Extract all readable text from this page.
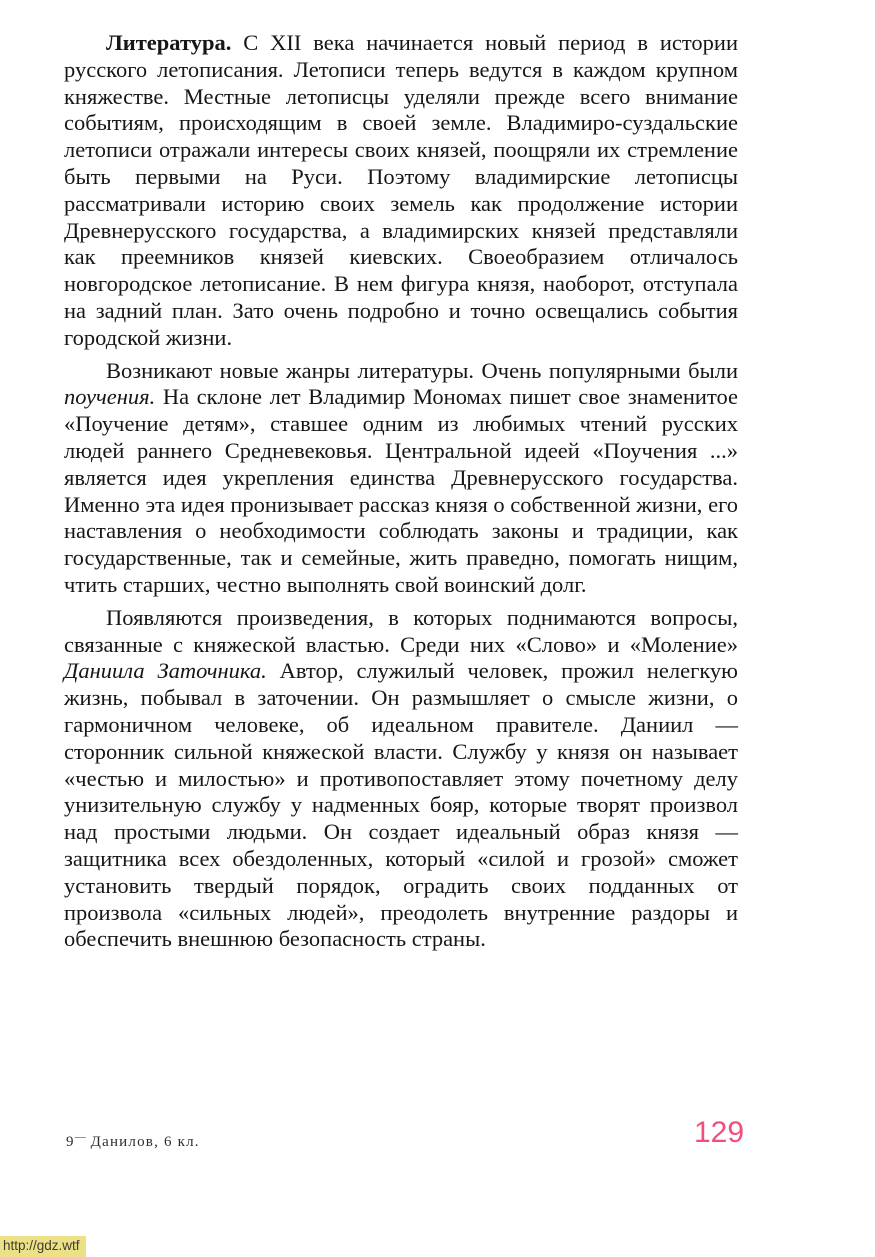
Литература. С XII века начинается новый период в истории русского летописания. Летописи теперь ведутся в каждом крупном княжестве. Местные летописцы уделяли прежде всего внимание событиям, происходящим в своей земле. Владимиро-суздальские летописи отражали интересы своих князей, поощряли их стремление быть первыми на Руси. Поэтому владимирские летописцы рассматривали историю своих земель как продолжение истории Древнерусского государства, а владимирских князей представляли как преемников князей киевских. Своеобразием отличалось новгородское летописание. В нем фигура князя, наоборот, отступала на задний план. Зато очень подробно и точно освещались события городской жизни.

Возникают новые жанры литературы. Очень популярными были поучения. На склоне лет Владимир Мономах пишет свое знаменитое «Поучение детям», ставшее одним из любимых чтений русских людей раннего Средневековья. Центральной идеей «Поучения ...» является идея укрепления единства Древнерусского государства. Именно эта идея пронизывает рассказ князя о собственной жизни, его наставления о необходимости соблюдать законы и традиции, как государственные, так и семейные, жить праведно, помогать нищим, чтить старших, честно выполнять свой воинский долг.

Появляются произведения, в которых поднимаются вопросы, связанные с княжеской властью. Среди них «Слово» и «Моление» Даниила Заточника. Автор, служилый человек, прожил нелегкую жизнь, побывал в заточении. Он размышляет о смысле жизни, о гармоничном человеке, об идеальном правителе. Даниил — сторонник сильной княжеской власти. Службу у князя он называет «честью и милостью» и противопоставляет этому почетному делу унизительную службу у надменных бояр, которые творят произвол над простыми людьми. Он создает идеальный образ князя — защитника всех обездоленных, который «силой и грозой» сможет установить твердый порядок, оградить своих подданных от произвола «сильных людей», преодолеть внутренние раздоры и обеспечить внешнюю безопасность страны.

9— Данилов, 6 кл.	129
http://gdz.wtf
